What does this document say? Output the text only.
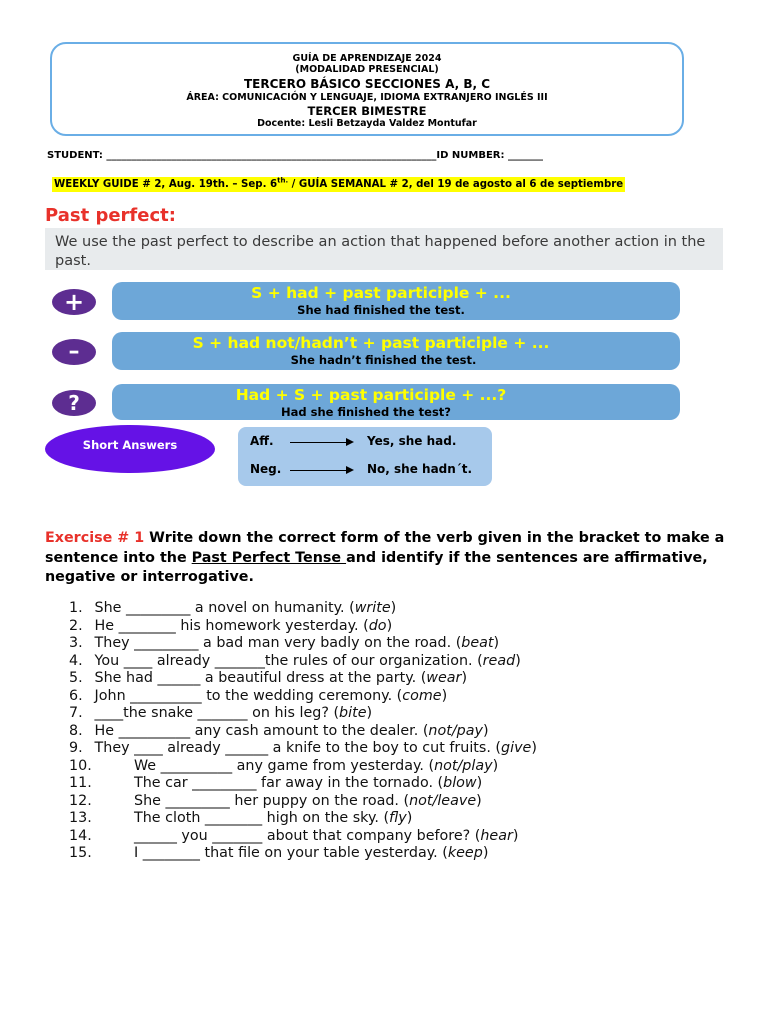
GUÍA DE APRENDIZAJE 2024
(MODALIDAD PRESENCIAL)
TERCERO BÁSICO SECCIONES A, B, C
ÁREA: COMUNICACIÓN Y LENGUAJE, IDIOMA EXTRANJERO INGLÉS III
TERCER BIMESTRE
Docente: Lesli Betzayda Valdez Montufar
STUDENT: __________________________________________________________________ID NUMBER: _______
WEEKLY GUIDE # 2, Aug. 19th. – Sep. $6^{th.}$ / GUÍA SEMANAL # 2, del 19 de agosto al 6 de septiembre
Past perfect:
We use the past perfect to describe an action that happened before another action in the past.
+	S + had + past participle + ...
She had finished the test.
–	S + had not/hadn’t + past participle + ...
She hadn’t finished the test.
?	Had + S + past participle + ...?
Had she finished the test?
Short Answers	Aff.	Yes, she had.
Neg.	No, she hadn´t.
Exercise # 1 Write down the correct form of the verb given in the bracket to make a sentence into the Past Perfect Tense and identify if the sentences are affirmative, negative or interrogative.
1. She _________ a novel on humanity. (write)
2. He ________ his homework yesterday. (do)
3. They _________ a bad man very badly on the road. (beat)
4. You ____ already _______the rules of our organization. (read)
5. She had ______ a beautiful dress at the party. (wear)
6. John __________ to the wedding ceremony. (come)
7. ____the snake _______ on his leg? (bite)
8. He __________ any cash amount to the dealer. (not/pay)
9. They ____ already ______ a knife to the boy to cut fruits. (give)
10.	We __________ any game from yesterday. (not/play)
11.	The car _________ far away in the tornado. (blow)
12.	She _________ her puppy on the road. (not/leave)
13.	The cloth ________ high on the sky. (fly)
14.	______ you _______ about that company before? (hear)
15.	I ________ that file on your table yesterday. (keep)
